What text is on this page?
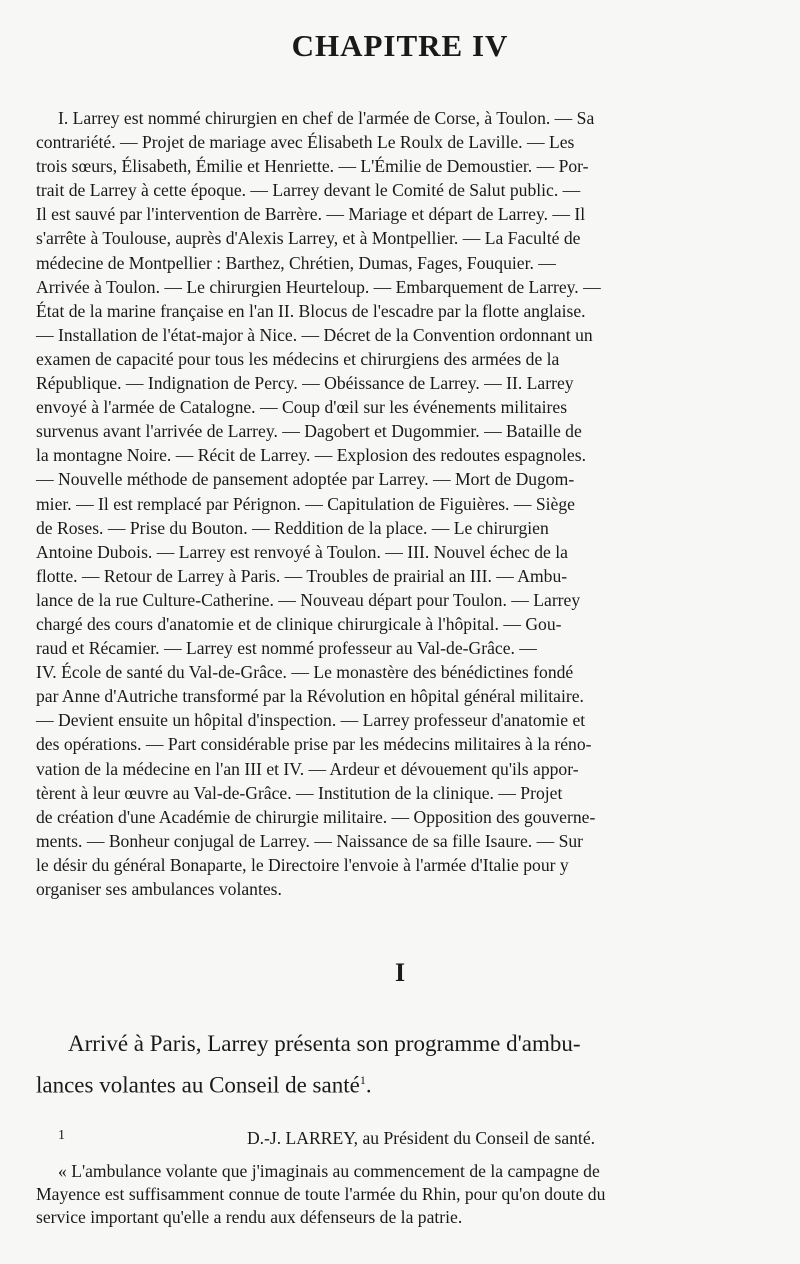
CHAPITRE IV

I. Larrey est nommé chirurgien en chef de l'armée de Corse, à Toulon. — Sa
contrariété. — Projet de mariage avec Élisabeth Le Roulx de Laville. — Les
trois sœurs, Élisabeth, Émilie et Henriette. — L'Émilie de Demoustier. — Por-
trait de Larrey à cette époque. — Larrey devant le Comité de Salut public. —
Il est sauvé par l'intervention de Barrère. — Mariage et départ de Larrey. — Il
s'arrête à Toulouse, auprès d'Alexis Larrey, et à Montpellier. — La Faculté de
médecine de Montpellier : Barthez, Chrétien, Dumas, Fages, Fouquier. —
Arrivée à Toulon. — Le chirurgien Heurteloup. — Embarquement de Larrey. —
État de la marine française en l'an II. Blocus de l'escadre par la flotte anglaise.
— Installation de l'état-major à Nice. — Décret de la Convention ordonnant un
examen de capacité pour tous les médecins et chirurgiens des armées de la
République. — Indignation de Percy. — Obéissance de Larrey. — II. Larrey
envoyé à l'armée de Catalogne. — Coup d'œil sur les événements militaires
survenus avant l'arrivée de Larrey. — Dagobert et Dugommier. — Bataille de
la montagne Noire. — Récit de Larrey. — Explosion des redoutes espagnoles.
— Nouvelle méthode de pansement adoptée par Larrey. — Mort de Dugom-
mier. — Il est remplacé par Pérignon. — Capitulation de Figuières. — Siège
de Roses. — Prise du Bouton. — Reddition de la place. — Le chirurgien
Antoine Dubois. — Larrey est renvoyé à Toulon. — III. Nouvel échec de la
flotte. — Retour de Larrey à Paris. — Troubles de prairial an III. — Ambu-
lance de la rue Culture-Catherine. — Nouveau départ pour Toulon. — Larrey
chargé des cours d'anatomie et de clinique chirurgicale à l'hôpital. — Gou-
raud et Récamier. — Larrey est nommé professeur au Val-de-Grâce. —
IV. École de santé du Val-de-Grâce. — Le monastère des bénédictines fondé
par Anne d'Autriche transformé par la Révolution en hôpital général militaire.
— Devient ensuite un hôpital d'inspection. — Larrey professeur d'anatomie et
des opérations. — Part considérable prise par les médecins militaires à la réno-
vation de la médecine en l'an III et IV. — Ardeur et dévouement qu'ils appor-
tèrent à leur œuvre au Val-de-Grâce. — Institution de la clinique. — Projet
de création d'une Académie de chirurgie militaire. — Opposition des gouverne-
ments. — Bonheur conjugal de Larrey. — Naissance de sa fille Isaure. — Sur
le désir du général Bonaparte, le Directoire l'envoie à l'armée d'Italie pour y
organiser ses ambulances volantes.

I

Arrivé à Paris, Larrey présenta son programme d'ambu-
lances volantes au Conseil de santé$^1$.

1	D.-J. LARREY, au Président du Conseil de santé.

« L'ambulance volante que j'imaginais au commencement de la campagne de
Mayence est suffisamment connue de toute l'armée du Rhin, pour qu'on doute du
service important qu'elle a rendu aux défenseurs de la patrie.
